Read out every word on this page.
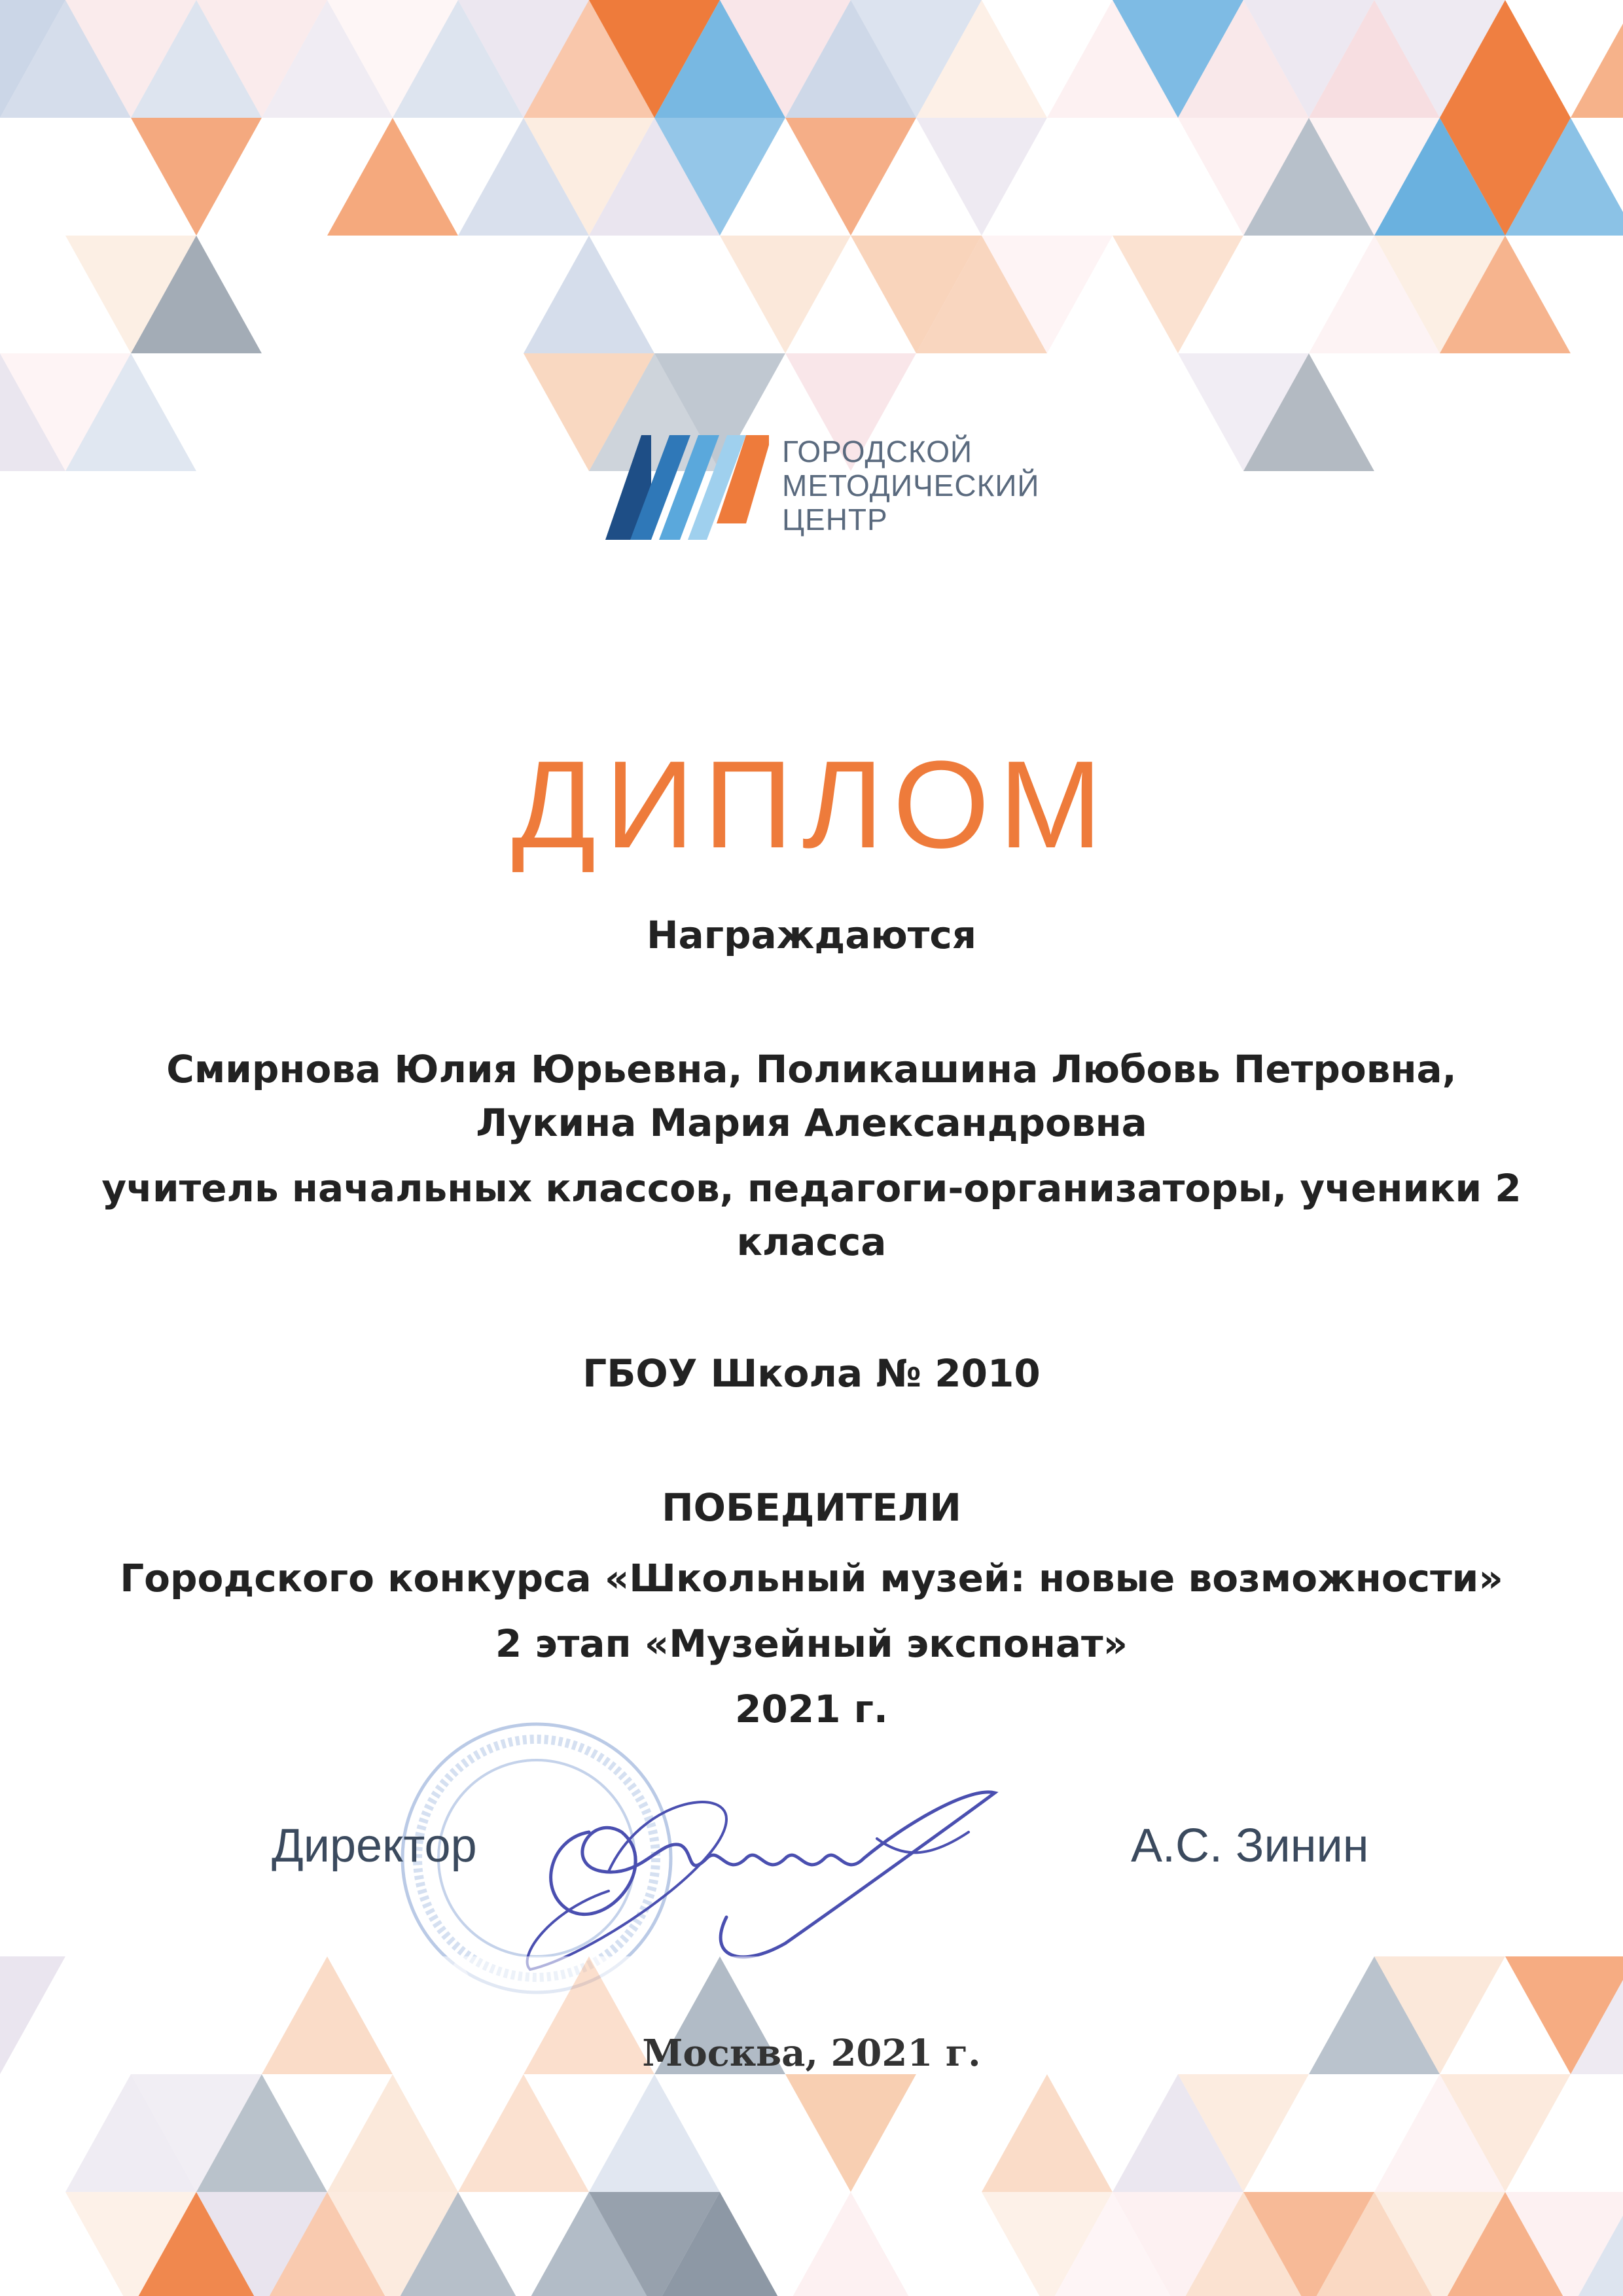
ГОРОДСКОЙ
МЕТОДИЧЕСКИЙ
ЦЕНТР
ДИПЛОМ
Награждаются
Смирнова Юлия Юрьевна, Поликашина Любовь Петровна,
Лукина Мария Александровна
учитель начальных классов, педагоги-организаторы, ученики 2
класса
ГБОУ Школа № 2010
ПОБЕДИТЕЛИ
Городского конкурса «Школьный музей: новые возможности»
2 этап «Музейный экспонат»
2021 г.
Директор	А.С. Зинин
Москва, 2021 г.
